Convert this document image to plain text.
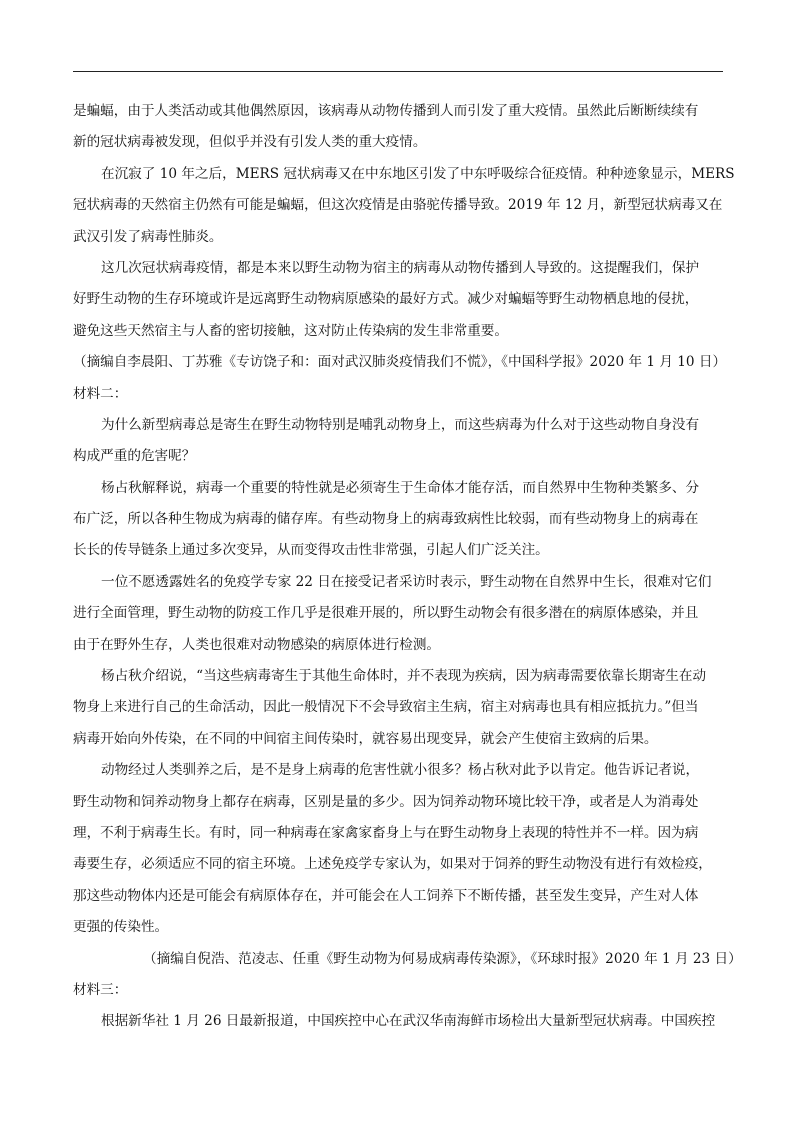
是蝙蝠，由于人类活动或其他偶然原因，该病毒从动物传播到人而引发了重大疫情。虽然此后断断续续有
新的冠状病毒被发现，但似乎并没有引发人类的重大疫情。
在沉寂了 10 年之后，MERS 冠状病毒又在中东地区引发了中东呼吸综合征疫情。种种迹象显示，MERS
冠状病毒的天然宿主仍然有可能是蝙蝠，但这次疫情是由骆驼传播导致。2019 年 12 月，新型冠状病毒又在
武汉引发了病毒性肺炎。
这几次冠状病毒疫情，都是本来以野生动物为宿主的病毒从动物传播到人导致的。这提醒我们，保护
好野生动物的生存环境或许是远离野生动物病原感染的最好方式。减少对蝙蝠等野生动物栖息地的侵扰，
避免这些天然宿主与人畜的密切接触，这对防止传染病的发生非常重要。
（摘编自李晨阳、丁苏雅《专访饶子和：面对武汉肺炎疫情我们不慌》，《中国科学报》2020 年 1 月 10 日）
材料二：
为什么新型病毒总是寄生在野生动物特别是哺乳动物身上，而这些病毒为什么对于这些动物自身没有
构成严重的危害呢？
杨占秋解释说，病毒一个重要的特性就是必须寄生于生命体才能存活，而自然界中生物种类繁多、分
布广泛，所以各种生物成为病毒的储存库。有些动物身上的病毒致病性比较弱，而有些动物身上的病毒在
长长的传导链条上通过多次变异，从而变得攻击性非常强，引起人们广泛关注。
一位不愿透露姓名的免疫学专家 22 日在接受记者采访时表示，野生动物在自然界中生长，很难对它们
进行全面管理，野生动物的防疫工作几乎是很难开展的，所以野生动物会有很多潜在的病原体感染，并且
由于在野外生存，人类也很难对动物感染的病原体进行检测。
杨占秋介绍说，“当这些病毒寄生于其他生命体时，并不表现为疾病，因为病毒需要依靠长期寄生在动
物身上来进行自己的生命活动，因此一般情况下不会导致宿主生病，宿主对病毒也具有相应抵抗力。”但当
病毒开始向外传染，在不同的中间宿主间传染时，就容易出现变异，就会产生使宿主致病的后果。
动物经过人类驯养之后，是不是身上病毒的危害性就小很多？杨占秋对此予以肯定。他告诉记者说，
野生动物和饲养动物身上都存在病毒，区别是量的多少。因为饲养动物环境比较干净，或者是人为消毒处
理，不利于病毒生长。有时，同一种病毒在家禽家畜身上与在野生动物身上表现的特性并不一样。因为病
毒要生存，必须适应不同的宿主环境。上述免疫学专家认为，如果对于饲养的野生动物没有进行有效检疫，
那这些动物体内还是可能会有病原体存在，并可能会在人工饲养下不断传播，甚至发生变异，产生对人体
更强的传染性。
（摘编自倪浩、范凌志、任重《野生动物为何易成病毒传染源》，《环球时报》2020 年 1 月 23 日）
材料三：
根据新华社 1 月 26 日最新报道，中国疾控中心在武汉华南海鲜市场检出大量新型冠状病毒。中国疾控
